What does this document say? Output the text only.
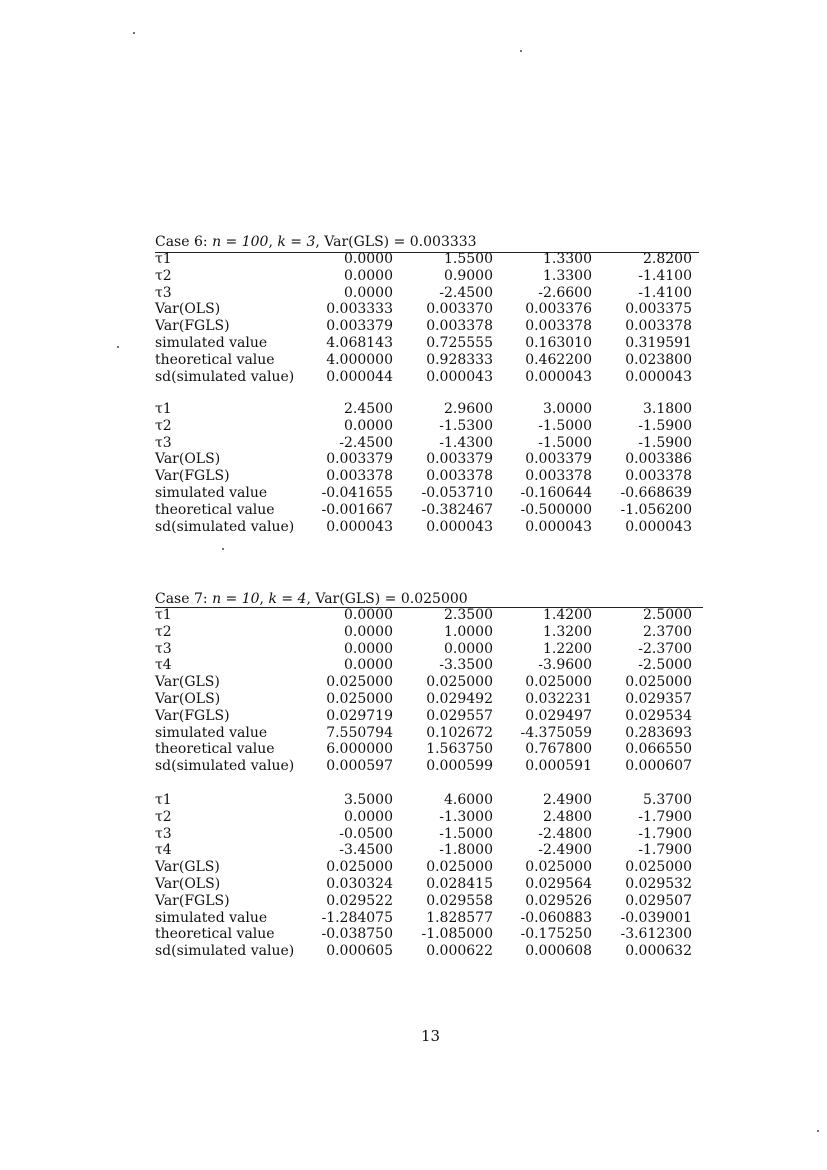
Case 6: n = 100, k = 3, Var(GLS) = 0.003333
τ1	0.0000	1.5500	1.3300	2.8200
τ2	0.0000	0.9000	1.3300	-1.4100
τ3	0.0000	-2.4500	-2.6600	-1.4100
Var(OLS)	0.003333	0.003370	0.003376	0.003375
Var(FGLS)	0.003379	0.003378	0.003378	0.003378
simulated value	4.068143	0.725555	0.163010	0.319591
theoretical value	4.000000	0.928333	0.462200	0.023800
sd(simulated value)	0.000044	0.000043	0.000043	0.000043
τ1	2.4500	2.9600	3.0000	3.1800
τ2	0.0000	-1.5300	-1.5000	-1.5900
τ3	-2.4500	-1.4300	-1.5000	-1.5900
Var(OLS)	0.003379	0.003379	0.003379	0.003386
Var(FGLS)	0.003378	0.003378	0.003378	0.003378
simulated value	-0.041655	-0.053710	-0.160644	-0.668639
theoretical value	-0.001667	-0.382467	-0.500000	-1.056200
sd(simulated value)	0.000043	0.000043	0.000043	0.000043
Case 7: n = 10, k = 4, Var(GLS) = 0.025000
τ1	0.0000	2.3500	1.4200	2.5000
τ2	0.0000	1.0000	1.3200	2.3700
τ3	0.0000	0.0000	1.2200	-2.3700
τ4	0.0000	-3.3500	-3.9600	-2.5000
Var(GLS)	0.025000	0.025000	0.025000	0.025000
Var(OLS)	0.025000	0.029492	0.032231	0.029357
Var(FGLS)	0.029719	0.029557	0.029497	0.029534
simulated value	7.550794	0.102672	-4.375059	0.283693
theoretical value	6.000000	1.563750	0.767800	0.066550
sd(simulated value)	0.000597	0.000599	0.000591	0.000607
τ1	3.5000	4.6000	2.4900	5.3700
τ2	0.0000	-1.3000	2.4800	-1.7900
τ3	-0.0500	-1.5000	-2.4800	-1.7900
τ4	-3.4500	-1.8000	-2.4900	-1.7900
Var(GLS)	0.025000	0.025000	0.025000	0.025000
Var(OLS)	0.030324	0.028415	0.029564	0.029532
Var(FGLS)	0.029522	0.029558	0.029526	0.029507
simulated value	-1.284075	1.828577	-0.060883	-0.039001
theoretical value	-0.038750	-1.085000	-0.175250	-3.612300
sd(simulated value)	0.000605	0.000622	0.000608	0.000632
13
